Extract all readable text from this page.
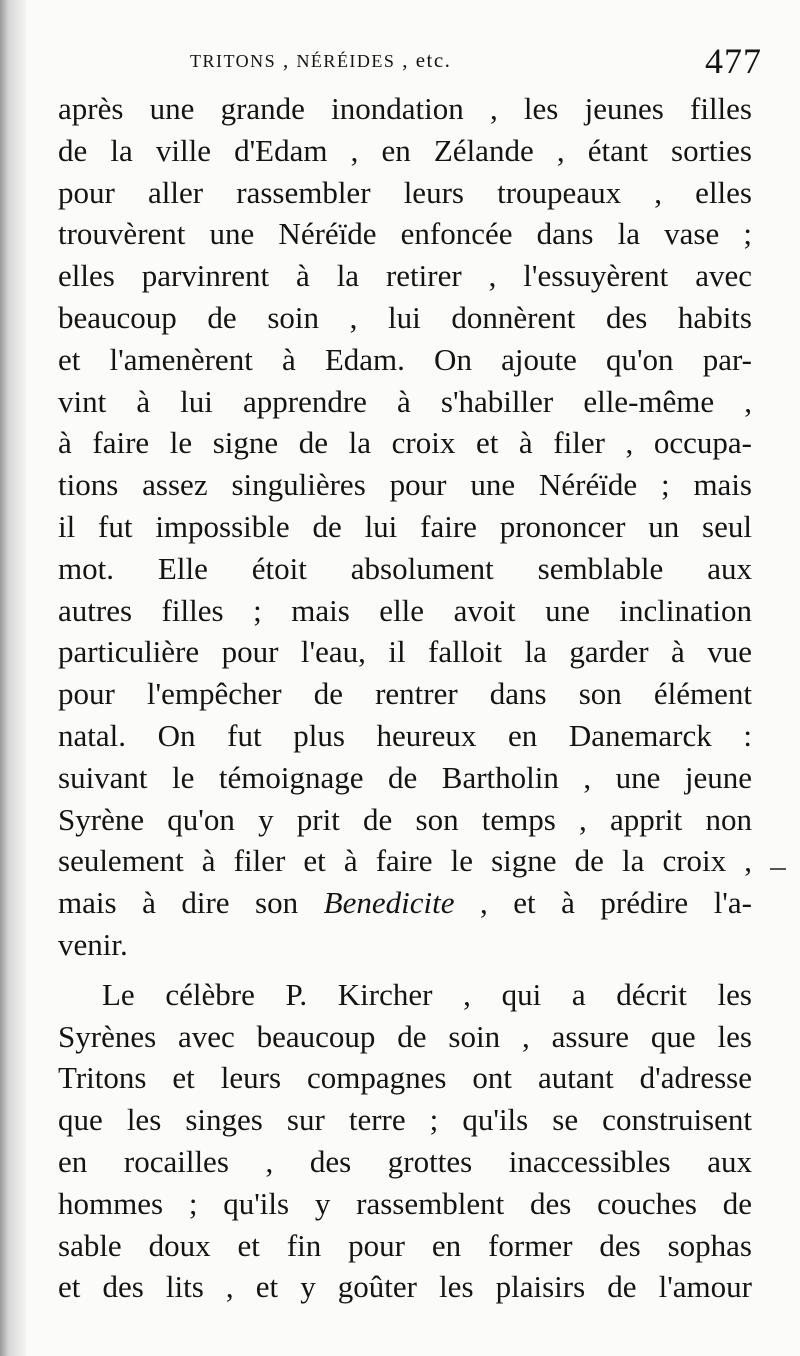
tritons , néréides , etc.	477
après une grande inondation , les jeunes filles
de la ville d'Edam , en Zélande , étant sorties
pour aller rassembler leurs troupeaux , elles
trouvèrent une Néréïde enfoncée dans la vase ;
elles parvinrent à la retirer , l'essuyèrent avec
beaucoup de soin , lui donnèrent des habits
et l'amenèrent à Edam. On ajoute qu'on par-
vint à lui apprendre à s'habiller elle-même ,
à faire le signe de la croix et à filer , occupa-
tions assez singulières pour une Néréïde ; mais
il fut impossible de lui faire prononcer un seul
mot. Elle étoit absolument semblable aux
autres filles ; mais elle avoit une inclination
particulière pour l'eau, il falloit la garder à vue
pour l'empêcher de rentrer dans son élément
natal. On fut plus heureux en Danemarck :
suivant le témoignage de Bartholin , une jeune
Syrène qu'on y prit de son temps , apprit non
seulement à filer et à faire le signe de la croix ,
mais à dire son Benedicite , et à prédire l'a-
venir.
Le célèbre P. Kircher , qui a décrit les
Syrènes avec beaucoup de soin , assure que les
Tritons et leurs compagnes ont autant d'adresse
que les singes sur terre ; qu'ils se construisent
en rocailles , des grottes inaccessibles aux
hommes ; qu'ils y rassemblent des couches de
sable doux et fin pour en former des sophas
et des lits , et y goûter les plaisirs de l'amour
